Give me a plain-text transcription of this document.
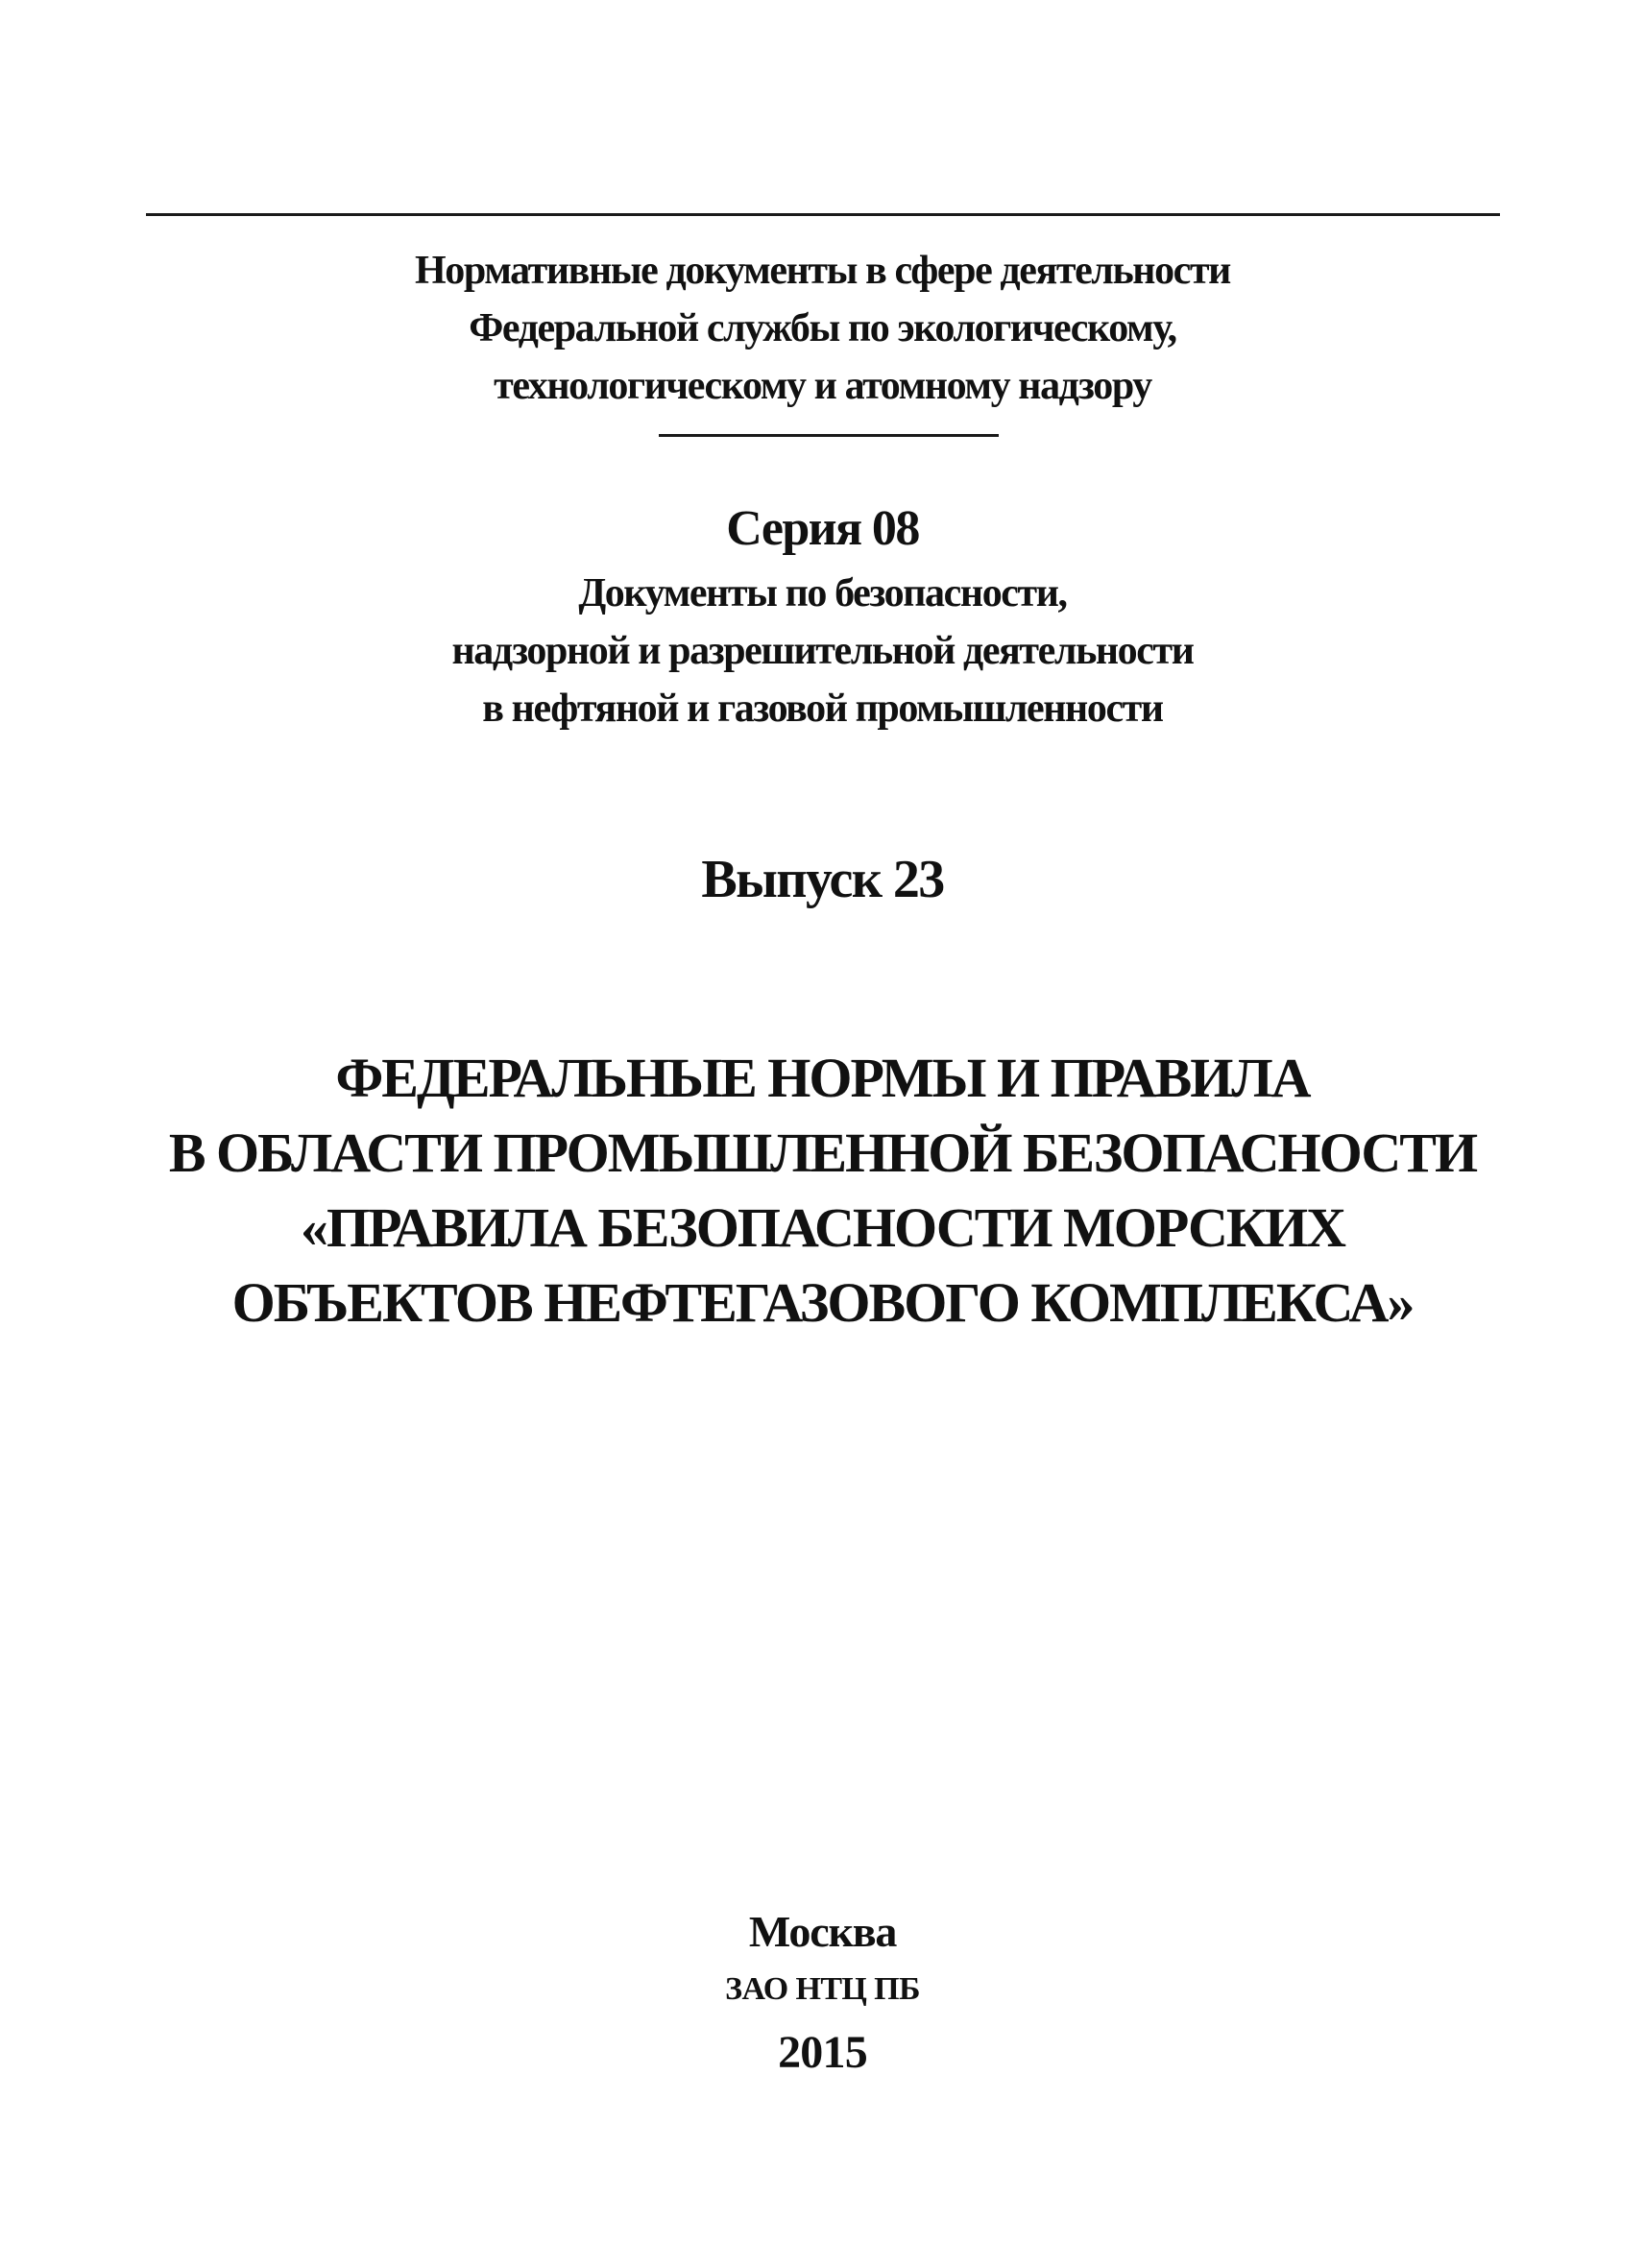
Нормативные документы в сфере деятельности
Федеральной службы по экологическому,
технологическому и атомному надзору
Серия 08
Документы по безопасности,
надзорной и разрешительной деятельности
в нефтяной и газовой промышленности
Выпуск 23
ФЕДЕРАЛЬНЫЕ НОРМЫ И ПРАВИЛА
В ОБЛАСТИ ПРОМЫШЛЕННОЙ БЕЗОПАСНОСТИ
«ПРАВИЛА БЕЗОПАСНОСТИ МОРСКИХ
ОБЪЕКТОВ НЕФТЕГАЗОВОГО КОМПЛЕКСА»
Москва
ЗАО НТЦ ПБ
2015
